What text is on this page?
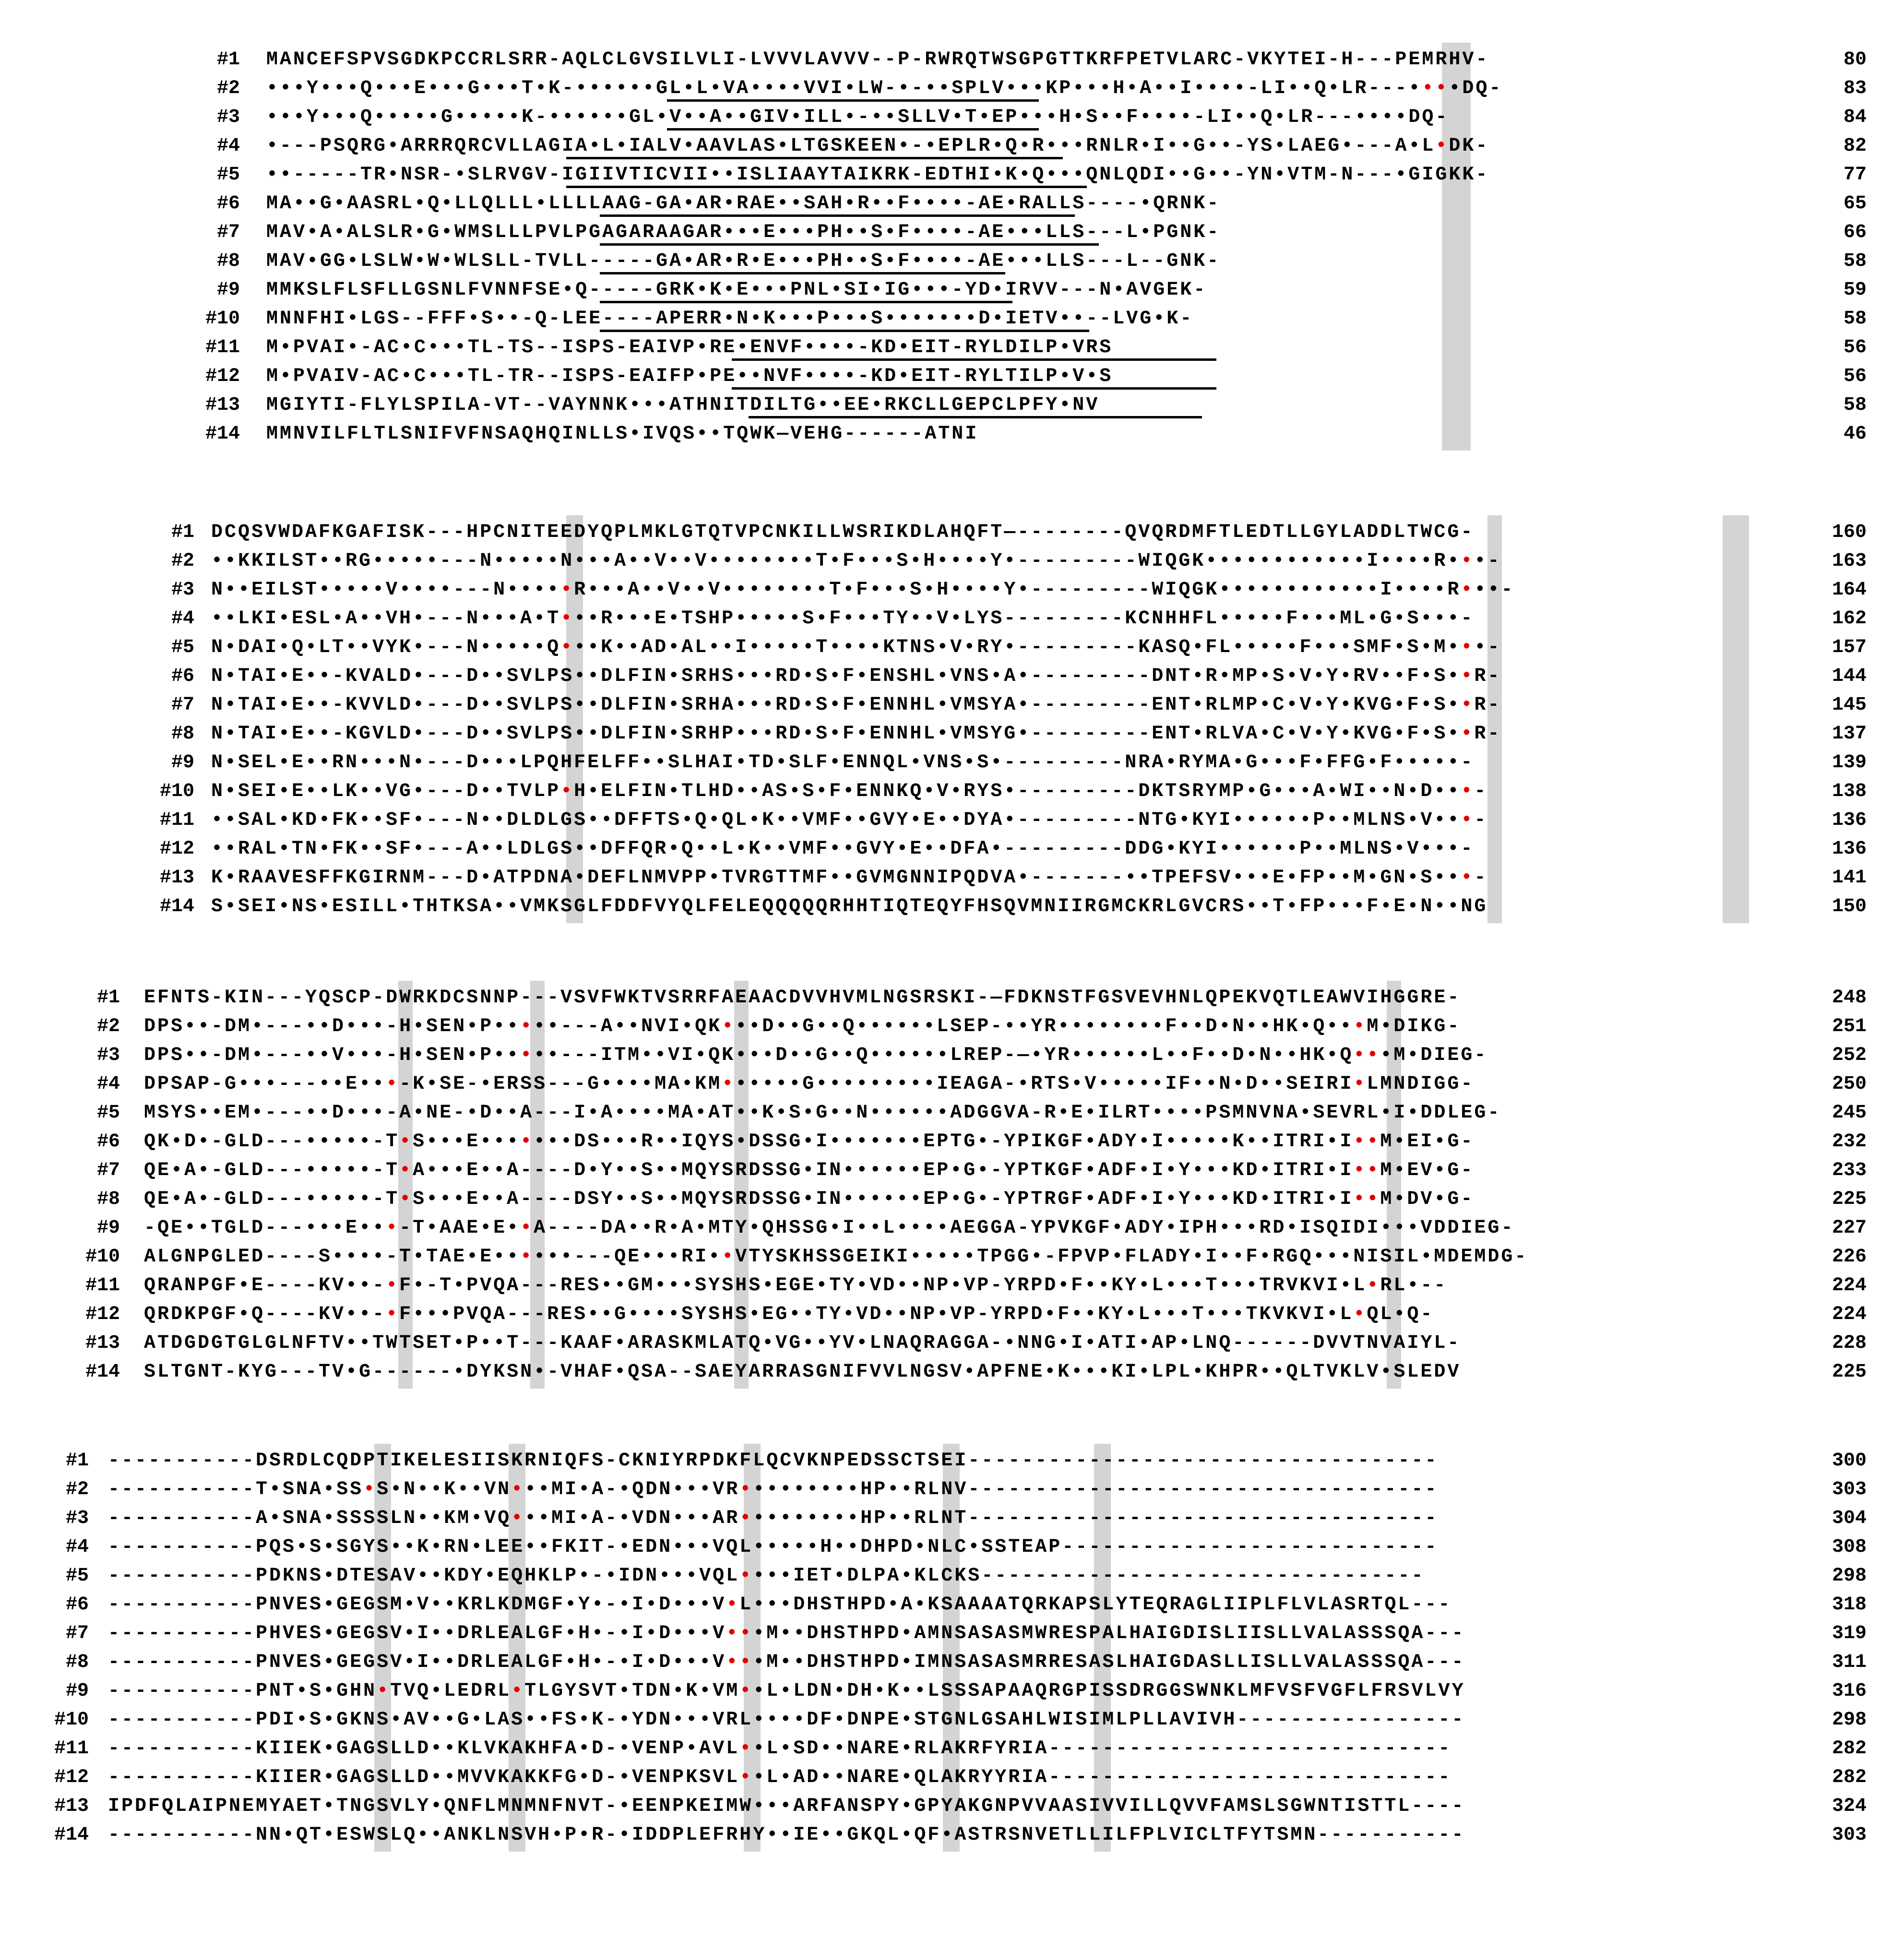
#1 MANCEFSPVSGDKPCCRLSRR-AQLCLGVSILVLI-LVVVLAVVV--P-RWRQTWSGPGTTKRFPETVLARC-VKYTEI-H---PEMRHV-	80
#2 •••Y•••Q•••E•••G•••T•K-••••••GL•L•VA••••VVI•LW-•-••SPLV•••KP•••H•A••I••••-LI••Q•LR---••••DQ-	83
#3 •••Y•••Q•••••G•••••K-••••••GL•V••A••GIV•ILL•-••SLLV•T•EP•••H•S••F••••-LI••Q•LR---••••DQ-	84
#4 •---PSQRG•ARRRQRCVLLAGIA•L•IALV•AAVLAS•LTGSKEEN•-•EPLR•Q•R•••RNLR•I••G••-YS•LAEG•---A•L•DK-	82
#5 ••-----TR•NSR-•SLRVGV-IGIIVTICVII••ISLIAAYTAIKRK-EDTHI•K•Q•••QNLQDI••G••-YN•VTM-N---•GIGKK-	77
#6 MA••G•AASRL•Q•LLQLLL•LLLLAAG-GA•AR•RAE••SAH•R••F••••-AE•RALLS----•QRNK-	65
#7 MAV•A•ALSLR•G•WMSLLLPVLPGAGARAAGAR•••E•••PH••S•F••••-AE•••LLS---L•PGNK-	66
#8 MAV•GG•LSLW•W•WLSLL-TVLL-----GA•AR•R•E•••PH••S•F••••-AE•••LLS---L--GNK-	58
#9 MMKSLFLSFLLGSNLFVNNFSE•Q-----GRK•K•E•••PNL•SI•IG•••-YD•IRVV---N•AVGEK-	59
#10 MNNFHI•LGS--FFF•S••-Q-LEE----APERR•N•K•••P•••S•••••••D•IETV••--LVG•K-	58
#11 M•PVAI•-AC•C•••TL-TS--ISPS-EAIVP•RE•ENVF••••-KD•EIT-RYLDILP•VRS	56
#12 M•PVAIV-AC•C•••TL-TR--ISPS-EAIFP•PE••NVF••••-KD•EIT-RYLTILP•V•S	56
#13 MGIYTI-FLYLSPILA-VT--VAYNNK•••ATHNITDILTG••EE•RKCLLGEPCLPFY•NV	58
#14 MMNVILFLTLSNIFVFNSAQHQINLLS•IVQS••TQWK—VEHG------ATNI	46
#1 DCQSVWDAFKGAFISK---HPCNITEEDYQPLMKLGTQTVPCNKILLWSRIKDLAHQFT—--------QVQRDMFTLEDTLLGYLADDLTWCG-	160
#2 ••KKILST••RG•••••---N•••••N•••A••V••V••••••••T•F•••S•H••••Y•---------WIQGK••••••••••••I••••R•••-	163
#3 N••EILST•••••V••••---N•••••R•••A••V••V••••••••T•F•••S•H••••Y•---------WIQGK••••••••••••I••••R•••-	164
#4 ••LKI•ESL•A••VH•---N•••A•T•••R•••E•TSHP•••••S•F•••TY••V•LYS---------KCNHHFL•••••F•••ML•G•S•••-	162
#5 N•DAI•Q•LT••VYK•---N•••••Q•••K••AD•AL••I•••••T••••KTNS•V•RY•---------KASQ•FL•••••F•••SMF•S•M•••-	157
#6 N•TAI•E••-KVALD•---D••SVLPS••DLFIN•SRHS•••RD•S•F•ENSHL•VNS•A•---------DNT•R•MP•S•V•Y•RV••F•S••R-	144
#7 N•TAI•E••-KVVLD•---D••SVLPS••DLFIN•SRHA•••RD•S•F•ENNHL•VMSYA•---------ENT•RLMP•C•V•Y•KVG•F•S••R-	145
#8 N•TAI•E••-KGVLD•---D••SVLPS••DLFIN•SRHP•••RD•S•F•ENNHL•VMSYG•---------ENT•RLVA•C•V•Y•KVG•F•S••R-	137
#9 N•SEL•E••RN•••N•---D•••LPQHFELFF••SLHAI•TD•SLF•ENNQL•VNS•S•---------NRA•RYMA•G•••F•FFG•F•••••-	139
#10 N•SEI•E••LK••VG•---D••TVLP•H•ELFIN•TLHD••AS•S•F•ENNKQ•V•RYS•---------DKTSRYMP•G•••A•WI••N•D•••-	138
#11 ••SAL•KD•FK••SF•---N••DLDLGS••DFFTS•Q•QL•K••VMF••GVY•E••DYA•---------NTG•KYI••••••P••MLNS•V•••-	136
#12 ••RAL•TN•FK••SF•---A••LDLGS••DFFQR•Q••L•K••VMF••GVY•E••DFA•---------DDG•KYI••••••P••MLNS•V•••-	136
#13 K•RAAVESFFKGIRNM---D•ATPDNA•DEFLNMVPP•TVRGTTMF••GVMGNNIPQDVA•-------••TPEFSV•••E•FP••M•GN•S•••-	141
#14 S•SEI•NS•ESILL•THTKSA••VMKSGLFDDFVYQLFELEQQQQQRHHTIQTEQYFHSQVMNIIRGMCKRLGVCRS••T•FP•••F•E•N••NG	150
#1 EFNTS-KIN---YQSCP-DWRKDCSNNP---VSVFWKTVSRRFAEAACDVVHVMLNGSRSKI-—FDKNSTFGSVEVHNLQPEKVQTLEAWVIHGGRE-	248
#2 DPS••-DM•---••D•••-H•SEN•P•••••---A••NVI•QK•••D••G••Q••••••LSEP-••YR••••••••F••D•N••HK•Q•••M•DIKG-	251
#3 DPS••-DM•---••V•••-H•SEN•P•••••---ITM••VI•QK•••D••G••Q••••••LREP-—•YR••••••L••F••D•N••HK•Q•••M•DIEG-	252
#4 DPSAP-G•••---••E•••-K•SE-•ERSS---G••••MA•KM••••••G•••••••••IEAGA-•RTS•V•••••IF••N•D••SEIRI•LMNDIGG-	250
#5 MSYS••EM•---••D•••-A•NE-•D••A---I•A••••MA•AT••K•S•G••N••••••ADGGVA-R•E•ILRT••••PSMNVNA•SEVRL•I•DDLEG-	245
#6 QK•D•-GLD---•••••-T•S•••E•••••••DS•••R••IQYS•DSSG•I•••••••EPTG•-YPIKGF•ADY•I•••••K••ITRI•I••M•EI•G-	232
#7 QE•A•-GLD---•••••-T•A•••E••A----D•Y••S••MQYSRDSSG•IN••••••EP•G•-YPTKGF•ADF•I•Y•••KD•ITRI•I••M•EV•G-	233
#8 QE•A•-GLD---•••••-T•S•••E••A----DSY••S••MQYSRDSSG•IN••••••EP•G•-YPTRGF•ADF•I•Y•••KD•ITRI•I••M•DV•G-	225
#9 -QE••TGLD---•••E•••-T•AAE•E••A----DA••R•A•MTY•QHSSG•I••L••••AEGGA-YPVKGF•ADY•IPH•••RD•ISQIDI•••VDDIEG-	227
#10 ALGNPGLED----S••••-T•TAE•E••••••---QE•••RI••VTYSKHSSGEIKI•••••TPGG•-FPVP•FLADY•I••F•RGQ•••NISIL•MDEMDG-	226
#11 QRANPGF•E----KV••-•F•-T•PVQA---RES••GM•••SYSHS•EGE•TY•VD••NP•VP-YRPD•F••KY•L•••T•••TRVKVI•L•RL•--	224
#12 QRDKPGF•Q----KV••-•F•••PVQA---RES••G••••SYSHS•EG••TY•VD••NP•VP-YRPD•F••KY•L•••T•••TKVKVI•L•QL•Q-	224
#13 ATDGDGTGLGLNFTV••TWTSET•P••T---KAAF•ARASKMLATQ•VG••YV•LNAQRAGGA-•NNG•I•ATI•AP•LNQ------DVVTNVAIYL-	228
#14 SLTGNT-KYG---TV•G------•DYKSN•-VHAF•QSA--SAEYARRASGNIFVVLNGSV•APFNE•K•••KI•LPL•KHPR••QLTVKLV•SLEDV	225
#1 -----------DSRDLCQDPTIKELESIISKRNIQFS-CKNIYRPDKFLQCVKNPEDSSCTSEI-----------------------------------	300
#2 -----------T•SNA•SS•S•N••K••VN•••MI•A-•QDN•••VR•••••••••HP••RLNV-----------------------------------	303
#3 -----------A•SNA•SSSSLN••KM•VQ•••MI•A-•VDN•••AR•••••••••HP••RLNT-----------------------------------	304
#4 -----------PQS•S•SGYS••K•RN•LEE••FKIT-•EDN•••VQL•••••H••DHPD•NLC•SSTEAP----------------------------	308
#5 -----------PDKNS•DTESAV••KDY•EQHKLP•-•IDN•••VQL••••IET•DLPA•KLCKS---------------------------------	298
#6 -----------PNVES•GEGSM•V••KRLKDMGF•Y•-•I•D•••V•L•••DHSTHPD•A•KSAAAATQRKAPSLYTEQRAGLIIPLFLVLASRTQL---	318
#7 -----------PHVES•GEGSV•I••DRLEALGF•H•-•I•D•••V•••M••DHSTHPD•AMNSASASMWRESPALHAIGDISLIISLLVALASSSQA---	319
#8 -----------PNVES•GEGSV•I••DRLEALGF•H•-•I•D•••V•••M••DHSTHPD•IMNSASASMRRESASLHAIGDASLLISLLVALASSSQA---	311
#9 -----------PNT•S•GHN•TVQ•LEDRL•TLGYSVT•TDN•K•VM••L•LDN•DH•K••LSSSAPAAQRGPISSDRGGSWNKLMFVSFVGFLFRSVLVY	316
#10 -----------PDI•S•GKNS•AV••G•LAS••FS•K-•YDN•••VRL••••DF•DNPE•STGNLGSAHLWISIMLPLLAVIVH-----------------	298
#11 -----------KIIEK•GAGSLLD••KLVKAKHFA•D-•VENP•AVL••L•SD••NARE•RLAKRFYRIA------------------------------	282
#12 -----------KIIER•GAGSLLD••MVVKAKKFG•D-•VENPKSVL••L•AD••NARE•QLAKRYYRIA------------------------------	282
#13 IPDFQLAIPNEMYAET•TNGSVLY•QNFLMNMNFNVT-•EENPKEIMW•••ARFANSPY•GPYAKGNPVVAASIVVILLQVVFAMSLSGWNTISTTL----	324
#14 -----------NN•QT•ESWSLQ••ANKLNSVH•P•R-•IDDPLEFRHY••IE••GKQL•QF•ASTRSNVETLLILFPLVICLTFYTSMN-----------	303
